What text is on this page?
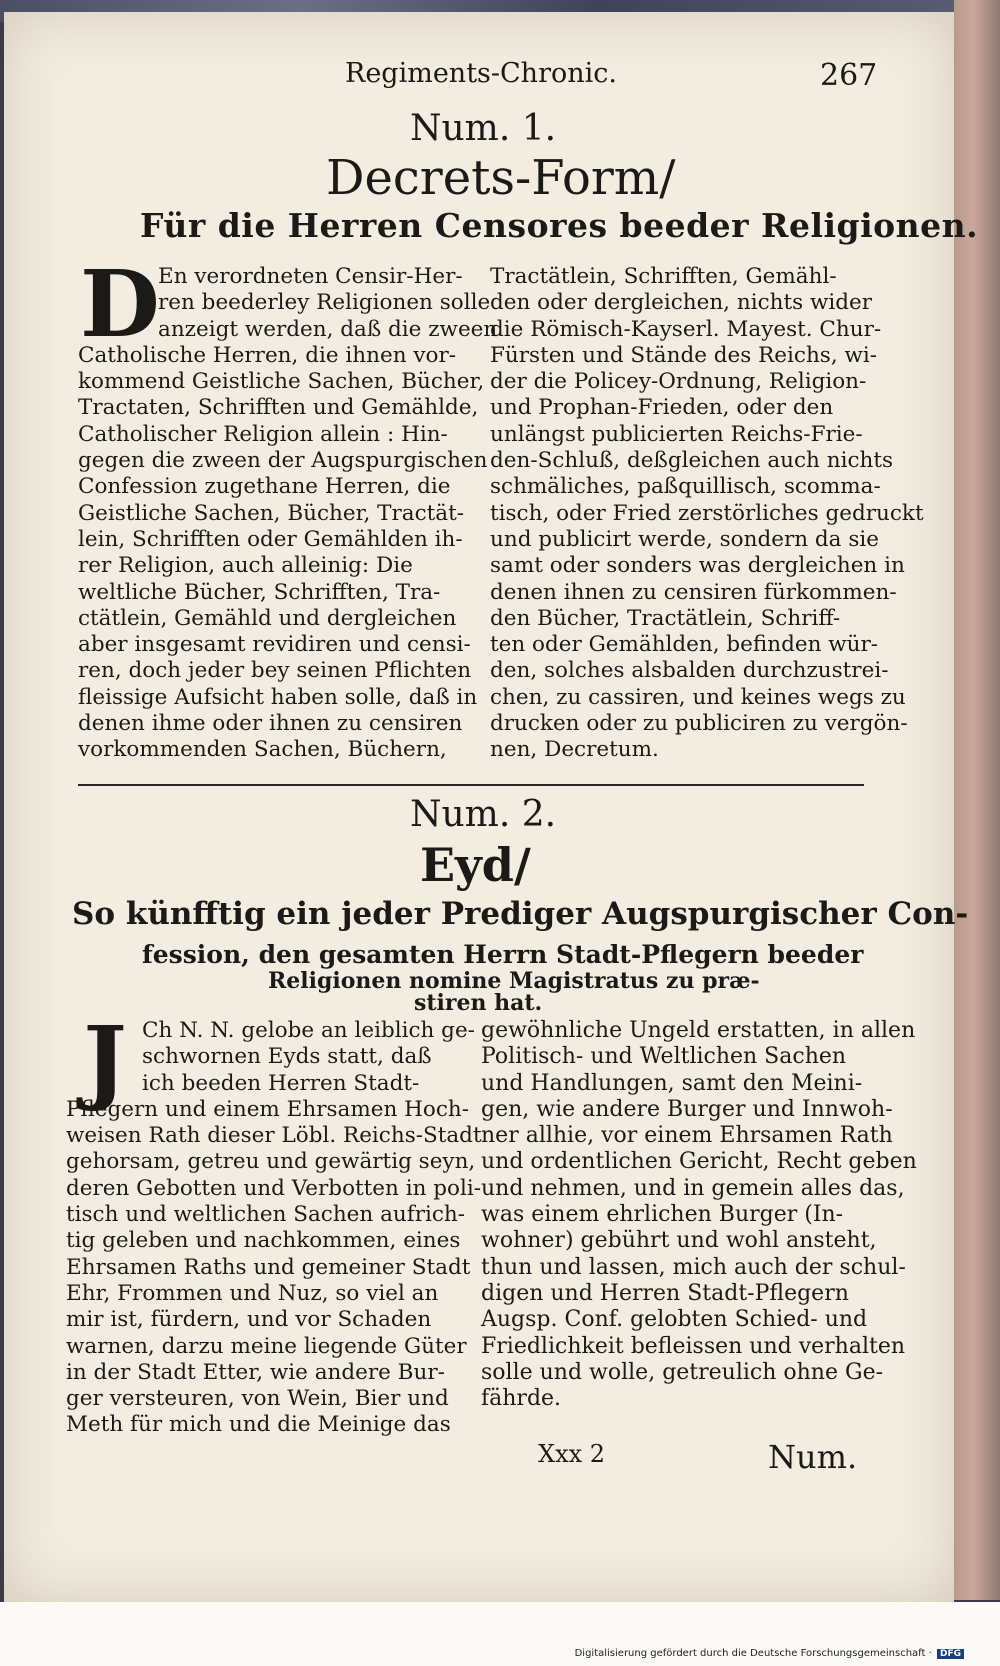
Regiments-Chronic.	267
Num. 1.
Decrets-Form/
Für die Herren Censores beeder Religionen.
D
En verordneten Censir-Her-
ren beederley Religionen solle
anzeigt werden, daß die zween
Catholische Herren, die ihnen vor-
kommend Geistliche Sachen, Bücher,
Tractaten, Schrifften und Gemählde,
Catholischer Religion allein : Hin-
gegen die zween der Augspurgischen
Confession zugethane Herren, die
Geistliche Sachen, Bücher, Tractät-
lein, Schrifften oder Gemählden ih-
rer Religion, auch alleinig: Die
weltliche Bücher, Schrifften, Tra-
ctätlein, Gemähld und dergleichen
aber insgesamt revidiren und censi-
ren, doch jeder bey seinen Pflichten
fleissige Aufsicht haben solle, daß in
denen ihme oder ihnen zu censiren
vorkommenden Sachen, Büchern,
Tractätlein, Schrifften, Gemähl-
den oder dergleichen, nichts wider
die Römisch-Kayserl. Mayest. Chur-
Fürsten und Stände des Reichs, wi-
der die Policey-Ordnung, Religion-
und Prophan-Frieden, oder den
unlängst publicierten Reichs-Frie-
den-Schluß, deßgleichen auch nichts
schmäliches, paßquillisch, scomma-
tisch, oder Fried zerstörliches gedruckt
und publicirt werde, sondern da sie
samt oder sonders was dergleichen in
denen ihnen zu censiren fürkommen-
den Bücher, Tractätlein, Schriff-
ten oder Gemählden, befinden wür-
den, solches alsbalden durchzustrei-
chen, zu cassiren, und keines wegs zu
drucken oder zu publiciren zu vergön-
nen, Decretum.
Num. 2.
Eyd/
So künfftig ein jeder Prediger Augspurgischer Con-
fession, den gesamten Herrn Stadt-Pflegern beeder
Religionen nomine Magistratus zu præ-
stiren hat.
J Ch N. N. gelobe an leiblich ge-
schwornen Eyds statt, daß
ich beeden Herren Stadt-
Pflegern und einem Ehrsamen Hoch-
weisen Rath dieser Löbl. Reichs-Stadt
gehorsam, getreu und gewärtig seyn,
deren Gebotten und Verbotten in poli-
tisch und weltlichen Sachen aufrich-
tig geleben und nachkommen, eines
Ehrsamen Raths und gemeiner Stadt
Ehr, Frommen und Nuz, so viel an
mir ist, fürdern, und vor Schaden
warnen, darzu meine liegende Güter
in der Stadt Etter, wie andere Bur-
ger versteuren, von Wein, Bier und
Meth für mich und die Meinige das
gewöhnliche Ungeld erstatten, in allen
Politisch- und Weltlichen Sachen
und Handlungen, samt den Meini-
gen, wie andere Burger und Innwoh-
ner allhie, vor einem Ehrsamen Rath
und ordentlichen Gericht, Recht geben
und nehmen, und in gemein alles das,
was einem ehrlichen Burger (In-
wohner) gebührt und wohl ansteht,
thun und lassen, mich auch der schul-
digen und Herren Stadt-Pflegern
Augsp. Conf. gelobten Schied- und
Friedlichkeit befleissen und verhalten
solle und wolle, getreulich ohne Ge-
fährde.
Xxx 2	Num.
Digitalisierung gefördert durch die Deutsche Forschungsgemeinschaft · DFG
